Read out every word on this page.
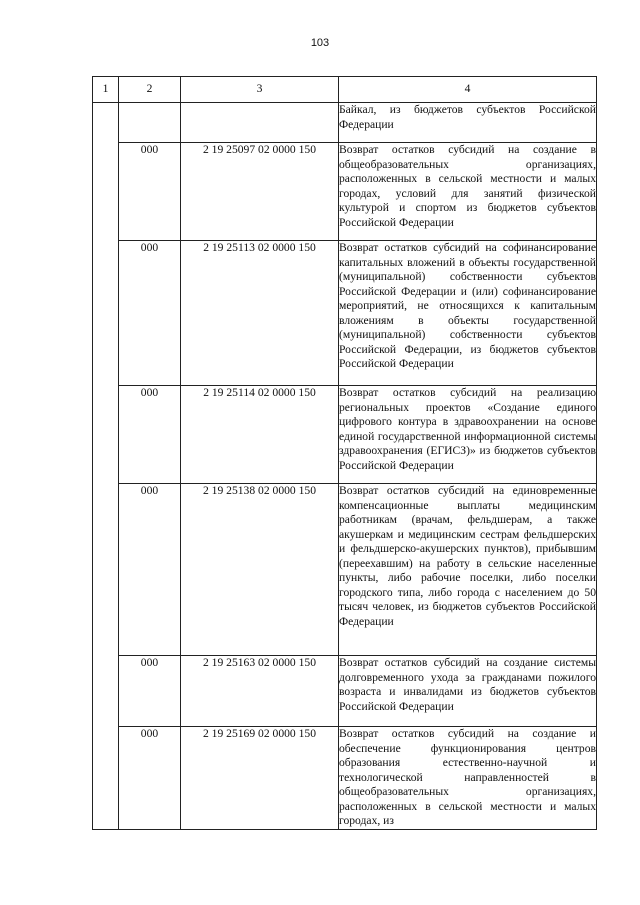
103
1	2	3	4
			Байкал, из бюджетов субъектов Российской Федерации
	000	2 19 25097 02 0000 150	Возврат остатков субсидий на создание в общеобразовательных организациях, расположенных в сельской местности и малых городах, условий для занятий физической культурой и спортом из бюджетов субъектов Российской Федерации
	000	2 19 25113 02 0000 150	Возврат остатков субсидий на софинансирование капитальных вложений в объекты государственной (муниципальной) собственности субъектов Российской Федерации и (или) софинансирование мероприятий, не относящихся к капитальным вложениям в объекты государственной (муниципальной) собственности субъектов Российской Федерации, из бюджетов субъектов Российской Федерации
	000	2 19 25114 02 0000 150	Возврат остатков субсидий на реализацию региональных проектов «Создание единого цифрового контура в здравоохранении на основе единой государственной информационной системы здравоохранения (ЕГИСЗ)» из бюджетов субъектов Российской Федерации
	000	2 19 25138 02 0000 150	Возврат остатков субсидий на единовременные компенсационные выплаты медицинским работникам (врачам, фельдшерам, а также акушеркам и медицинским сестрам фельдшерских и фельдшерско-акушерских пунктов), прибывшим (переехавшим) на работу в сельские населенные пункты, либо рабочие поселки, либо поселки городского типа, либо города с населением до 50 тысяч человек, из бюджетов субъектов Российской Федерации
	000	2 19 25163 02 0000 150	Возврат остатков субсидий на создание системы долговременного ухода за гражданами пожилого возраста и инвалидами из бюджетов субъектов Российской Федерации
	000	2 19 25169 02 0000 150	Возврат остатков субсидий на создание и обеспечение функционирования центров образования естественно-научной и технологической направленностей в общеобразовательных организациях, расположенных в сельской местности и малых городах, из
